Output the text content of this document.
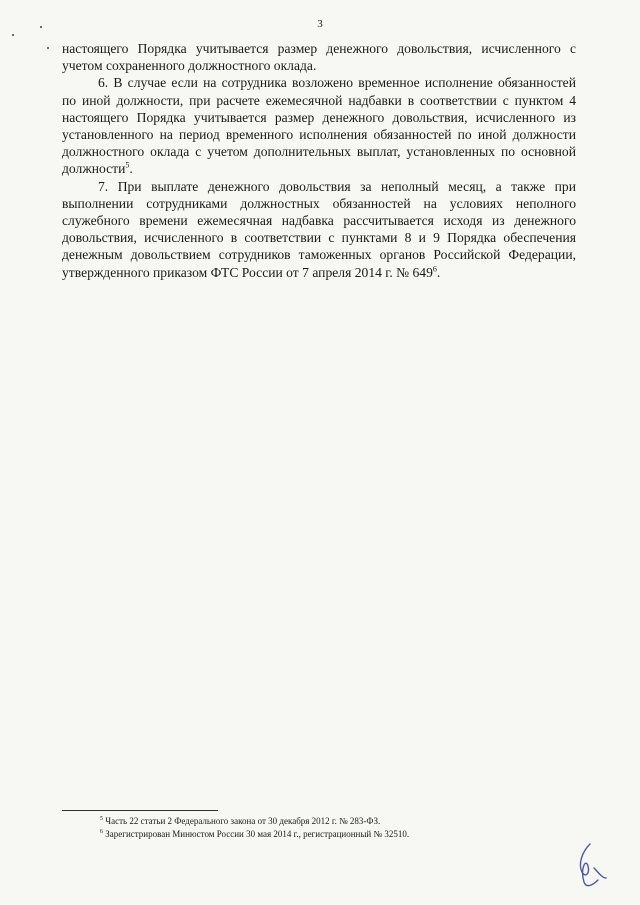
3

настоящего Порядка учитывается размер денежного довольствия, исчисленного с учетом сохраненного должностного оклада.

6. В случае если на сотрудника возложено временное исполнение обязанностей по иной должности, при расчете ежемесячной надбавки в соответствии с пунктом 4 настоящего Порядка учитывается размер денежного довольствия, исчисленного из установленного на период временного исполнения обязанностей по иной должности должностного оклада с учетом дополнительных выплат, установленных по основной должности$^5$.

7. При выплате денежного довольствия за неполный месяц, а также при выполнении сотрудниками должностных обязанностей на условиях неполного служебного времени ежемесячная надбавка рассчитывается исходя из денежного довольствия, исчисленного в соответствии с пунктами 8 и 9 Порядка обеспечения денежным довольствием сотрудников таможенных органов Российской Федерации, утвержденного приказом ФТС России от 7 апреля 2014 г. № $649^6$.

$^5$ Часть 22 статьи 2 Федерального закона от 30 декабря 2012 г. № 283-ФЗ.

$^6$ Зарегистрирован Минюстом России 30 мая 2014 г., регистрационный № 32510.
